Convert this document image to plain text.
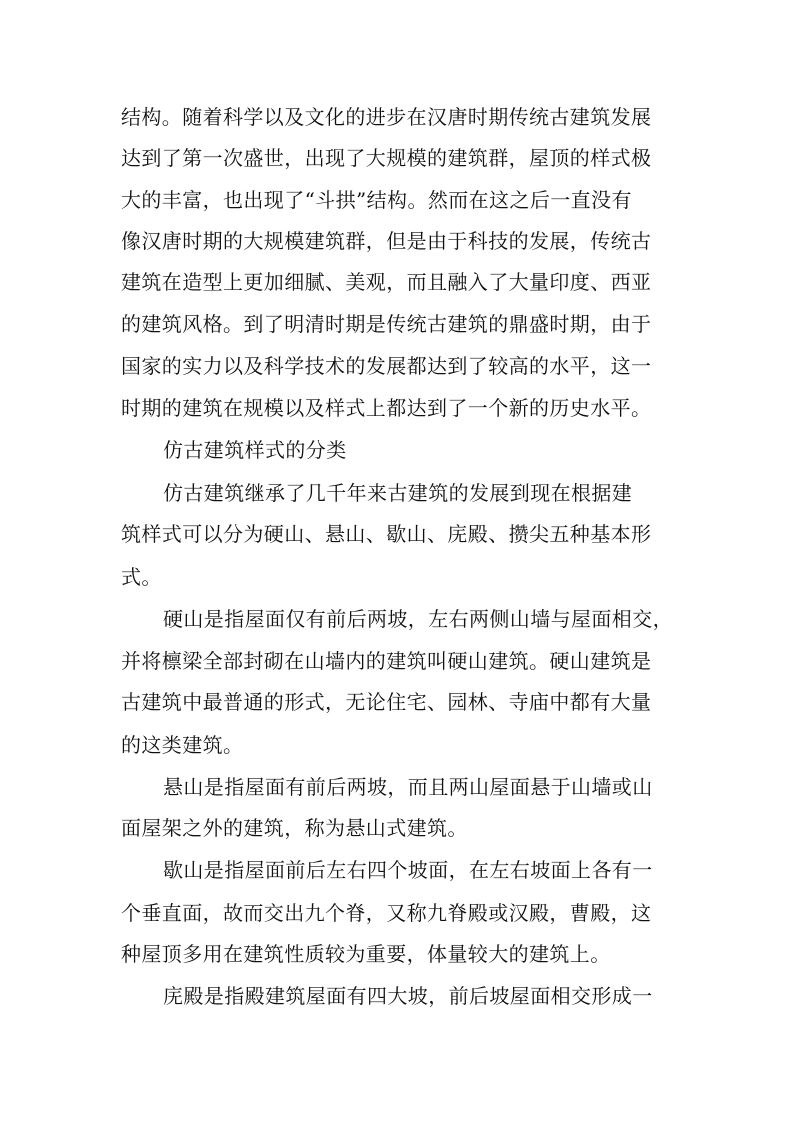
结构。随着科学以及文化的进步在汉唐时期传统古建筑发展
达到了第一次盛世，出现了大规模的建筑群，屋顶的样式极
大的丰富，也出现了“斗拱”结构。然而在这之后一直没有
像汉唐时期的大规模建筑群，但是由于科技的发展，传统古
建筑在造型上更加细腻、美观，而且融入了大量印度、西亚
的建筑风格。到了明清时期是传统古建筑的鼎盛时期，由于
国家的实力以及科学技术的发展都达到了较高的水平，这一
时期的建筑在规模以及样式上都达到了一个新的历史水平。
仿古建筑样式的分类
仿古建筑继承了几千年来古建筑的发展到现在根据建
筑样式可以分为硬山、悬山、歇山、庑殿、攒尖五种基本形
式。
硬山是指屋面仅有前后两坡，左右两侧山墙与屋面相交，
并将檩梁全部封砌在山墙内的建筑叫硬山建筑。硬山建筑是
古建筑中最普通的形式，无论住宅、园林、寺庙中都有大量
的这类建筑。
悬山是指屋面有前后两坡，而且两山屋面悬于山墙或山
面屋架之外的建筑，称为悬山式建筑。
歇山是指屋面前后左右四个坡面，在左右坡面上各有一
个垂直面，故而交出九个脊，又称九脊殿或汉殿，曹殿，这
种屋顶多用在建筑性质较为重要，体量较大的建筑上。
庑殿是指殿建筑屋面有四大坡，前后坡屋面相交形成一
